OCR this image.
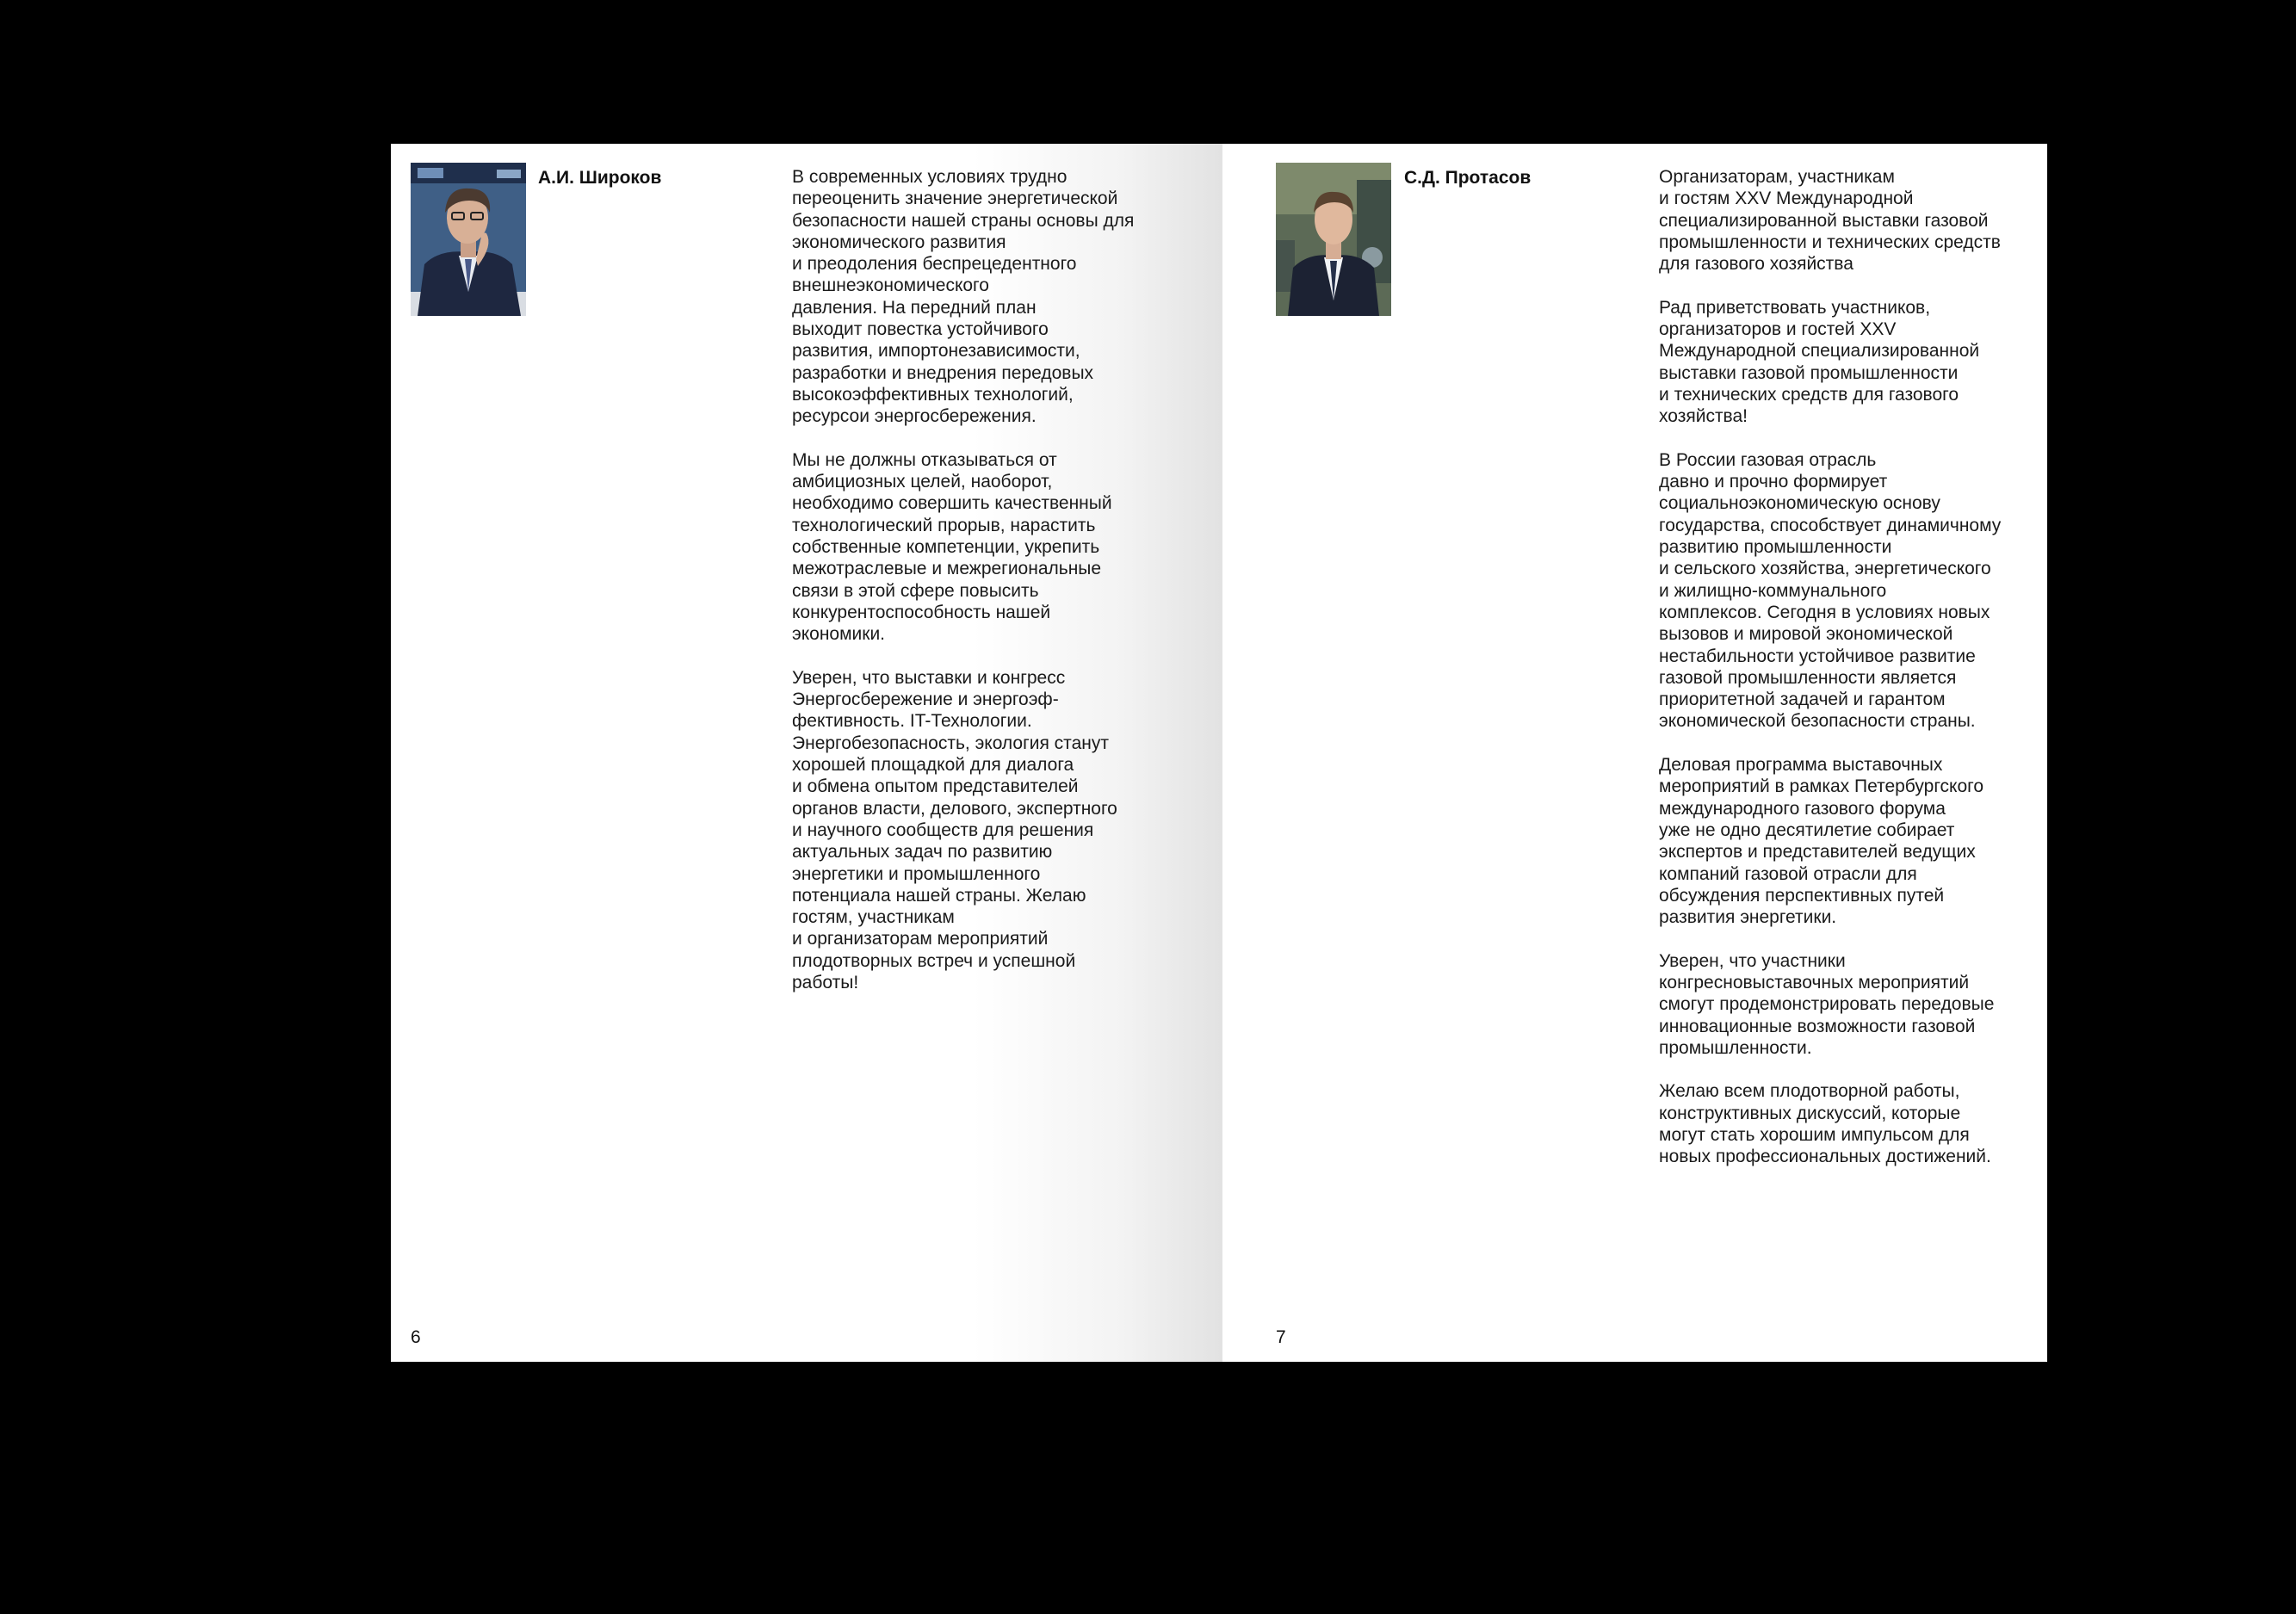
А.И. Широков	В современных условиях трудно
переоценить значение энергетической
безопасности нашей страны основы для
экономического развития
и преодоления беспрецедентного
внешнеэкономического
давления. На передний план
выходит повестка устойчивого
развития, импортонезависимости,
разработки и внедрения передовых
высокоэффективных технологий,
ресурсои энергосбережения.

Мы не должны отказываться от
амбициозных целей, наоборот,
необходимо совершить качественный
технологический прорыв, нарастить
собственные компетенции, укрепить
межотраслевые и межрегиональные
связи в этой сфере повысить
конкурентоспособность нашей
экономики.

Уверен, что выставки и конгресс
Энергосбережение и энергоэф-
фективность. IT-Технологии.
Энергобезопасность, экология станут
хорошей площадкой для диалога
и обмена опытом представителей
органов власти, делового, экспертного
и научного сообществ для решения
актуальных задач по развитию
энергетики и промышленного
потенциала нашей страны. Желаю
гостям, участникам
и организаторам мероприятий
плодотворных встреч и успешной
работы!

6
С.Д. Протасов	Организаторам, участникам
и гостям XXV Международной
специализированной выставки газовой
промышленности и технических средств
для газового хозяйства

Рад приветствовать участников,
организаторов и гостей XXV
Международной специализированной
выставки газовой промышленности
и технических средств для газового
хозяйства!

В России газовая отрасль
давно и прочно формирует
социальноэкономическую основу
государства, способствует динамичному
развитию промышленности
и сельского хозяйства, энергетического
и жилищно-коммунального
комплексов. Сегодня в условиях новых
вызовов и мировой экономической
нестабильности устойчивое развитие
газовой промышленности является
приоритетной задачей и гарантом
экономической безопасности страны.

Деловая программа выставочных
мероприятий в рамках Петербургского
международного газового форума
уже не одно десятилетие собирает
экспертов и представителей ведущих
компаний газовой отрасли для
обсуждения перспективных путей
развития энергетики.

Уверен, что участники
конгресновыставочных мероприятий
смогут продемонстрировать передовые
инновационные возможности газовой
промышленности.

Желаю всем плодотворной работы,
конструктивных дискуссий, которые
могут стать хорошим импульсом для
новых профессиональных достижений.

7
